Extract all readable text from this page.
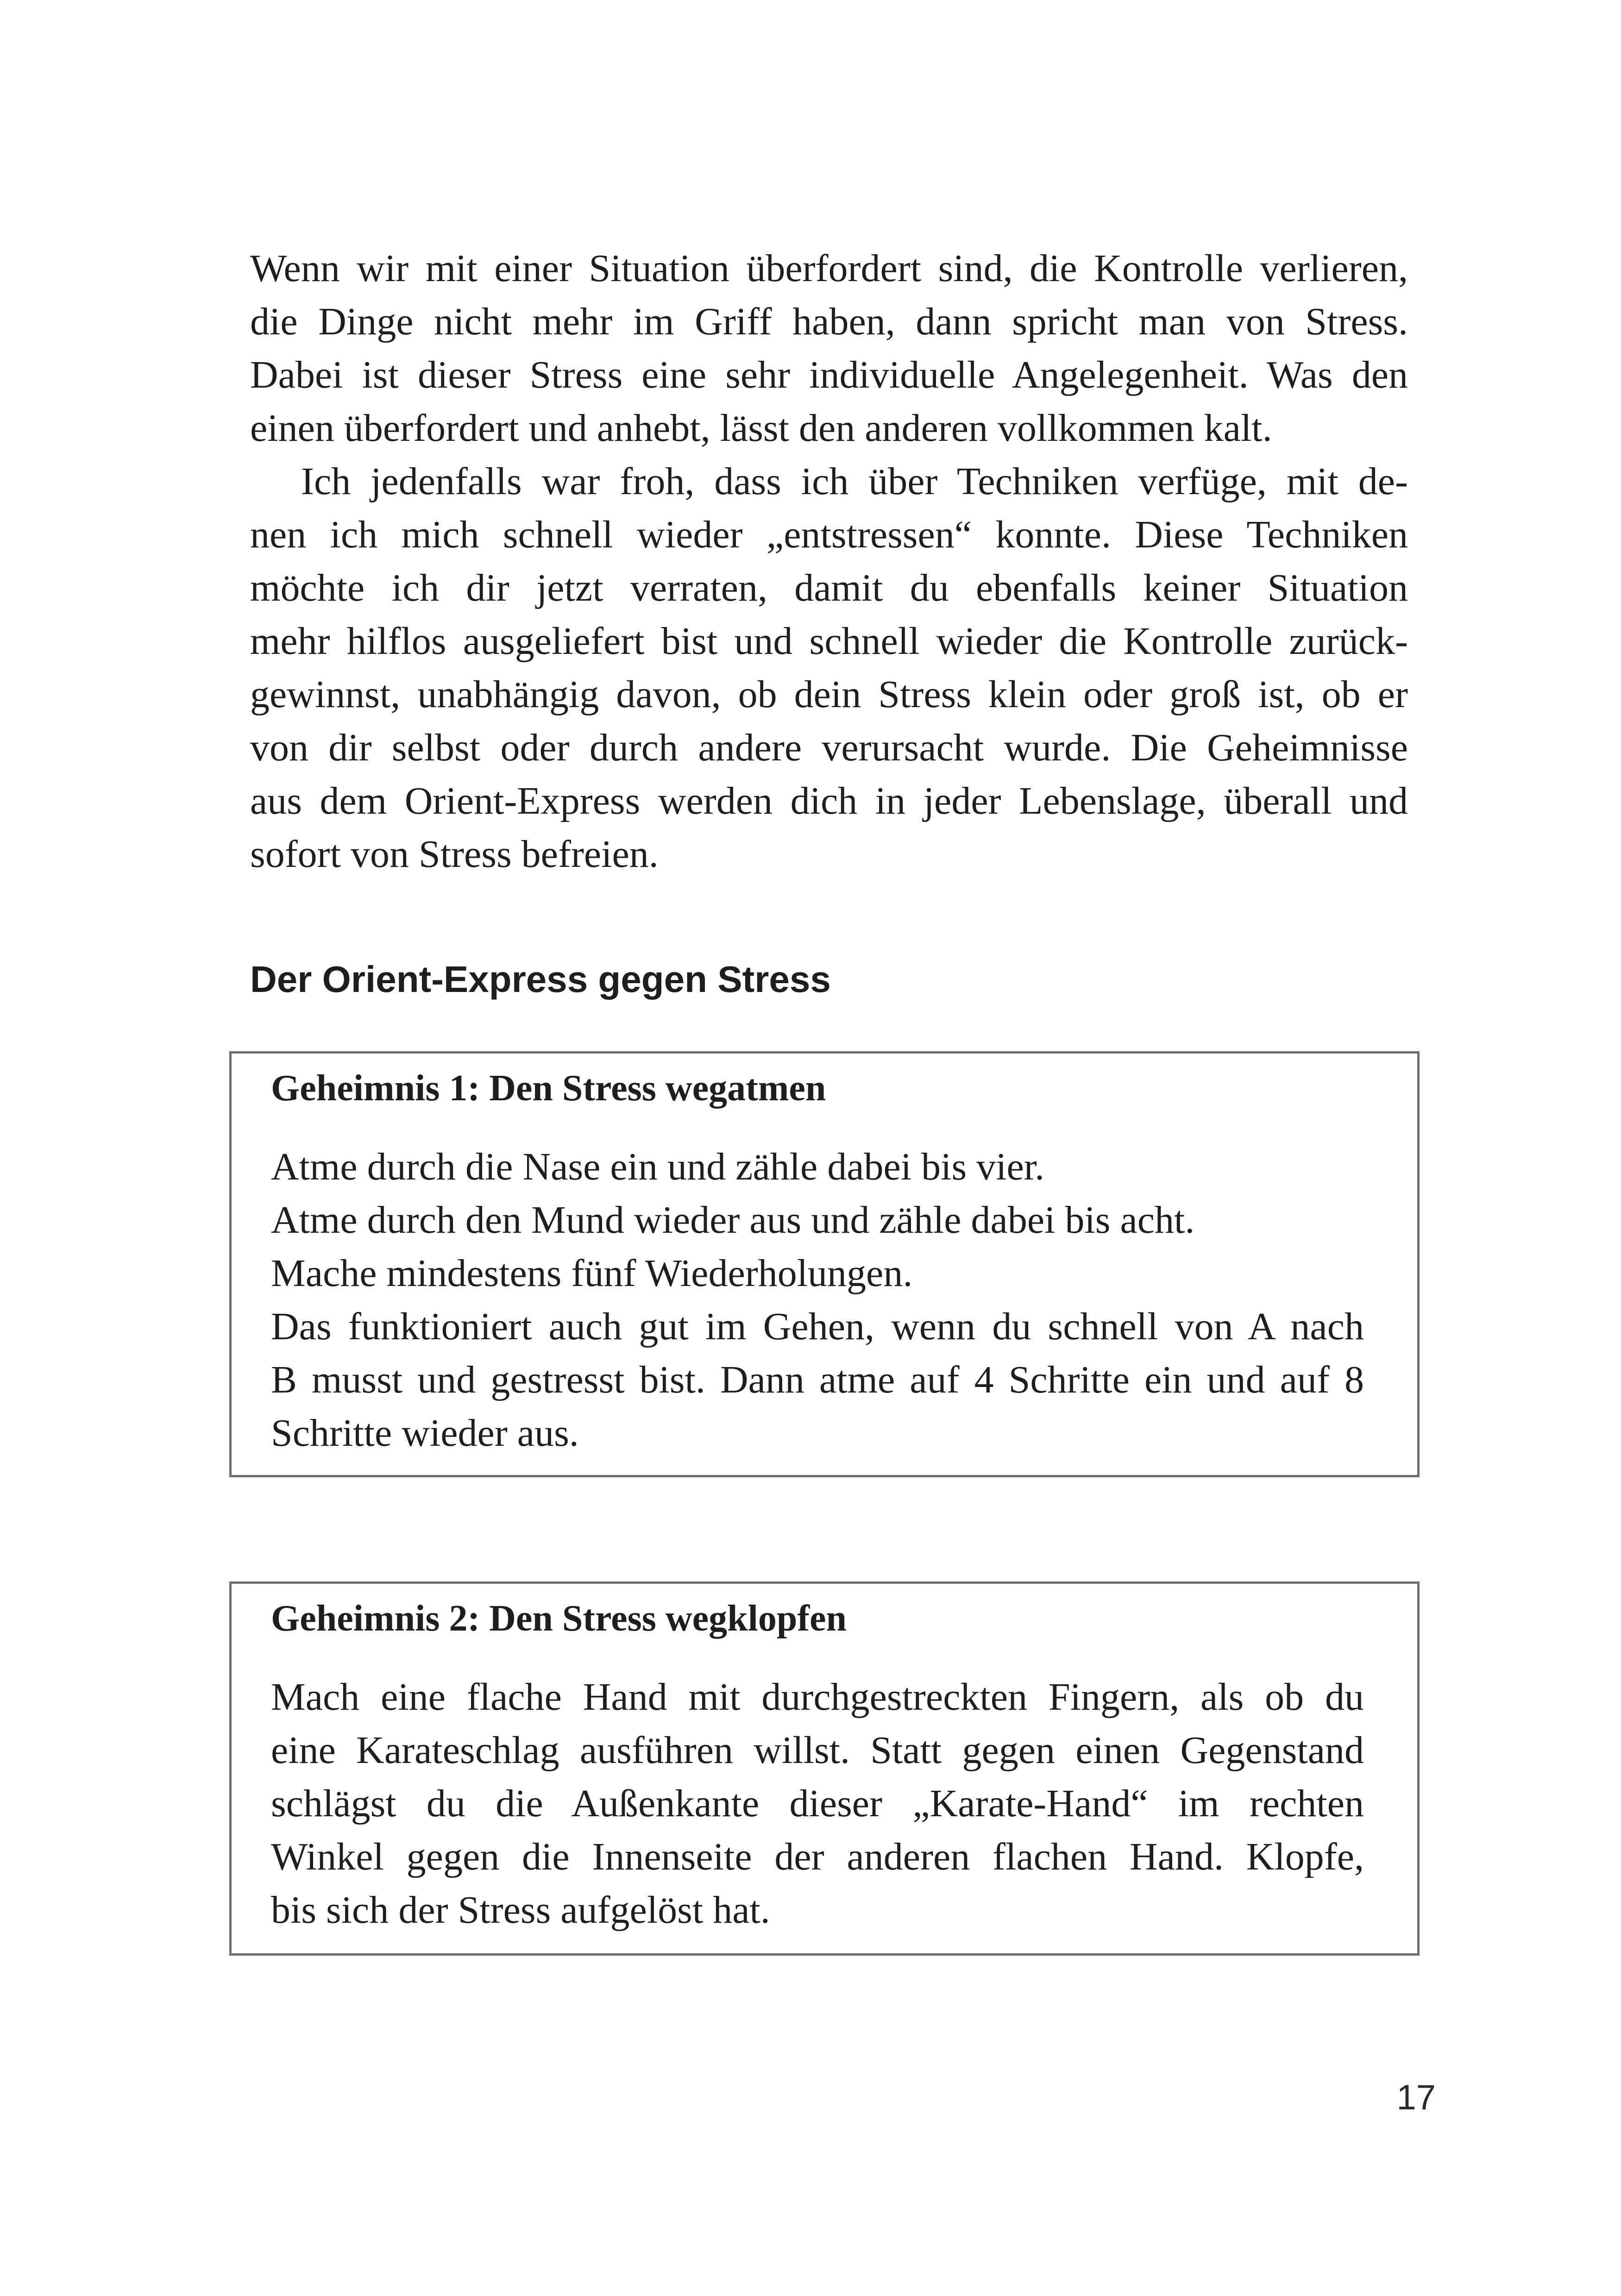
Wenn wir mit einer Situation überfordert sind, die Kontrolle verlieren,
die Dinge nicht mehr im Griff haben, dann spricht man von Stress.
Dabei ist dieser Stress eine sehr individuelle Angelegenheit. Was den
einen überfordert und anhebt, lässt den anderen vollkommen kalt.
Ich jedenfalls war froh, dass ich über Techniken verfüge, mit de-
nen ich mich schnell wieder „entstressen“ konnte. Diese Techniken
möchte ich dir jetzt verraten, damit du ebenfalls keiner Situation
mehr hilflos ausgeliefert bist und schnell wieder die Kontrolle zurück-
gewinnst, unabhängig davon, ob dein Stress klein oder groß ist, ob er
von dir selbst oder durch andere verursacht wurde. Die Geheimnisse
aus dem Orient-Express werden dich in jeder Lebenslage, überall und
sofort von Stress befreien.
Der Orient-Express gegen Stress
Geheimnis 1: Den Stress wegatmen
Atme durch die Nase ein und zähle dabei bis vier.
Atme durch den Mund wieder aus und zähle dabei bis acht.
Mache mindestens fünf Wiederholungen.
Das funktioniert auch gut im Gehen, wenn du schnell von A nach
B musst und gestresst bist. Dann atme auf 4 Schritte ein und auf 8
Schritte wieder aus.
Geheimnis 2: Den Stress wegklopfen
Mach eine flache Hand mit durchgestreckten Fingern, als ob du
eine Karateschlag ausführen willst. Statt gegen einen Gegenstand
schlägst du die Außenkante dieser „Karate-Hand“ im rechten
Winkel gegen die Innenseite der anderen flachen Hand. Klopfe,
bis sich der Stress aufgelöst hat.
17
